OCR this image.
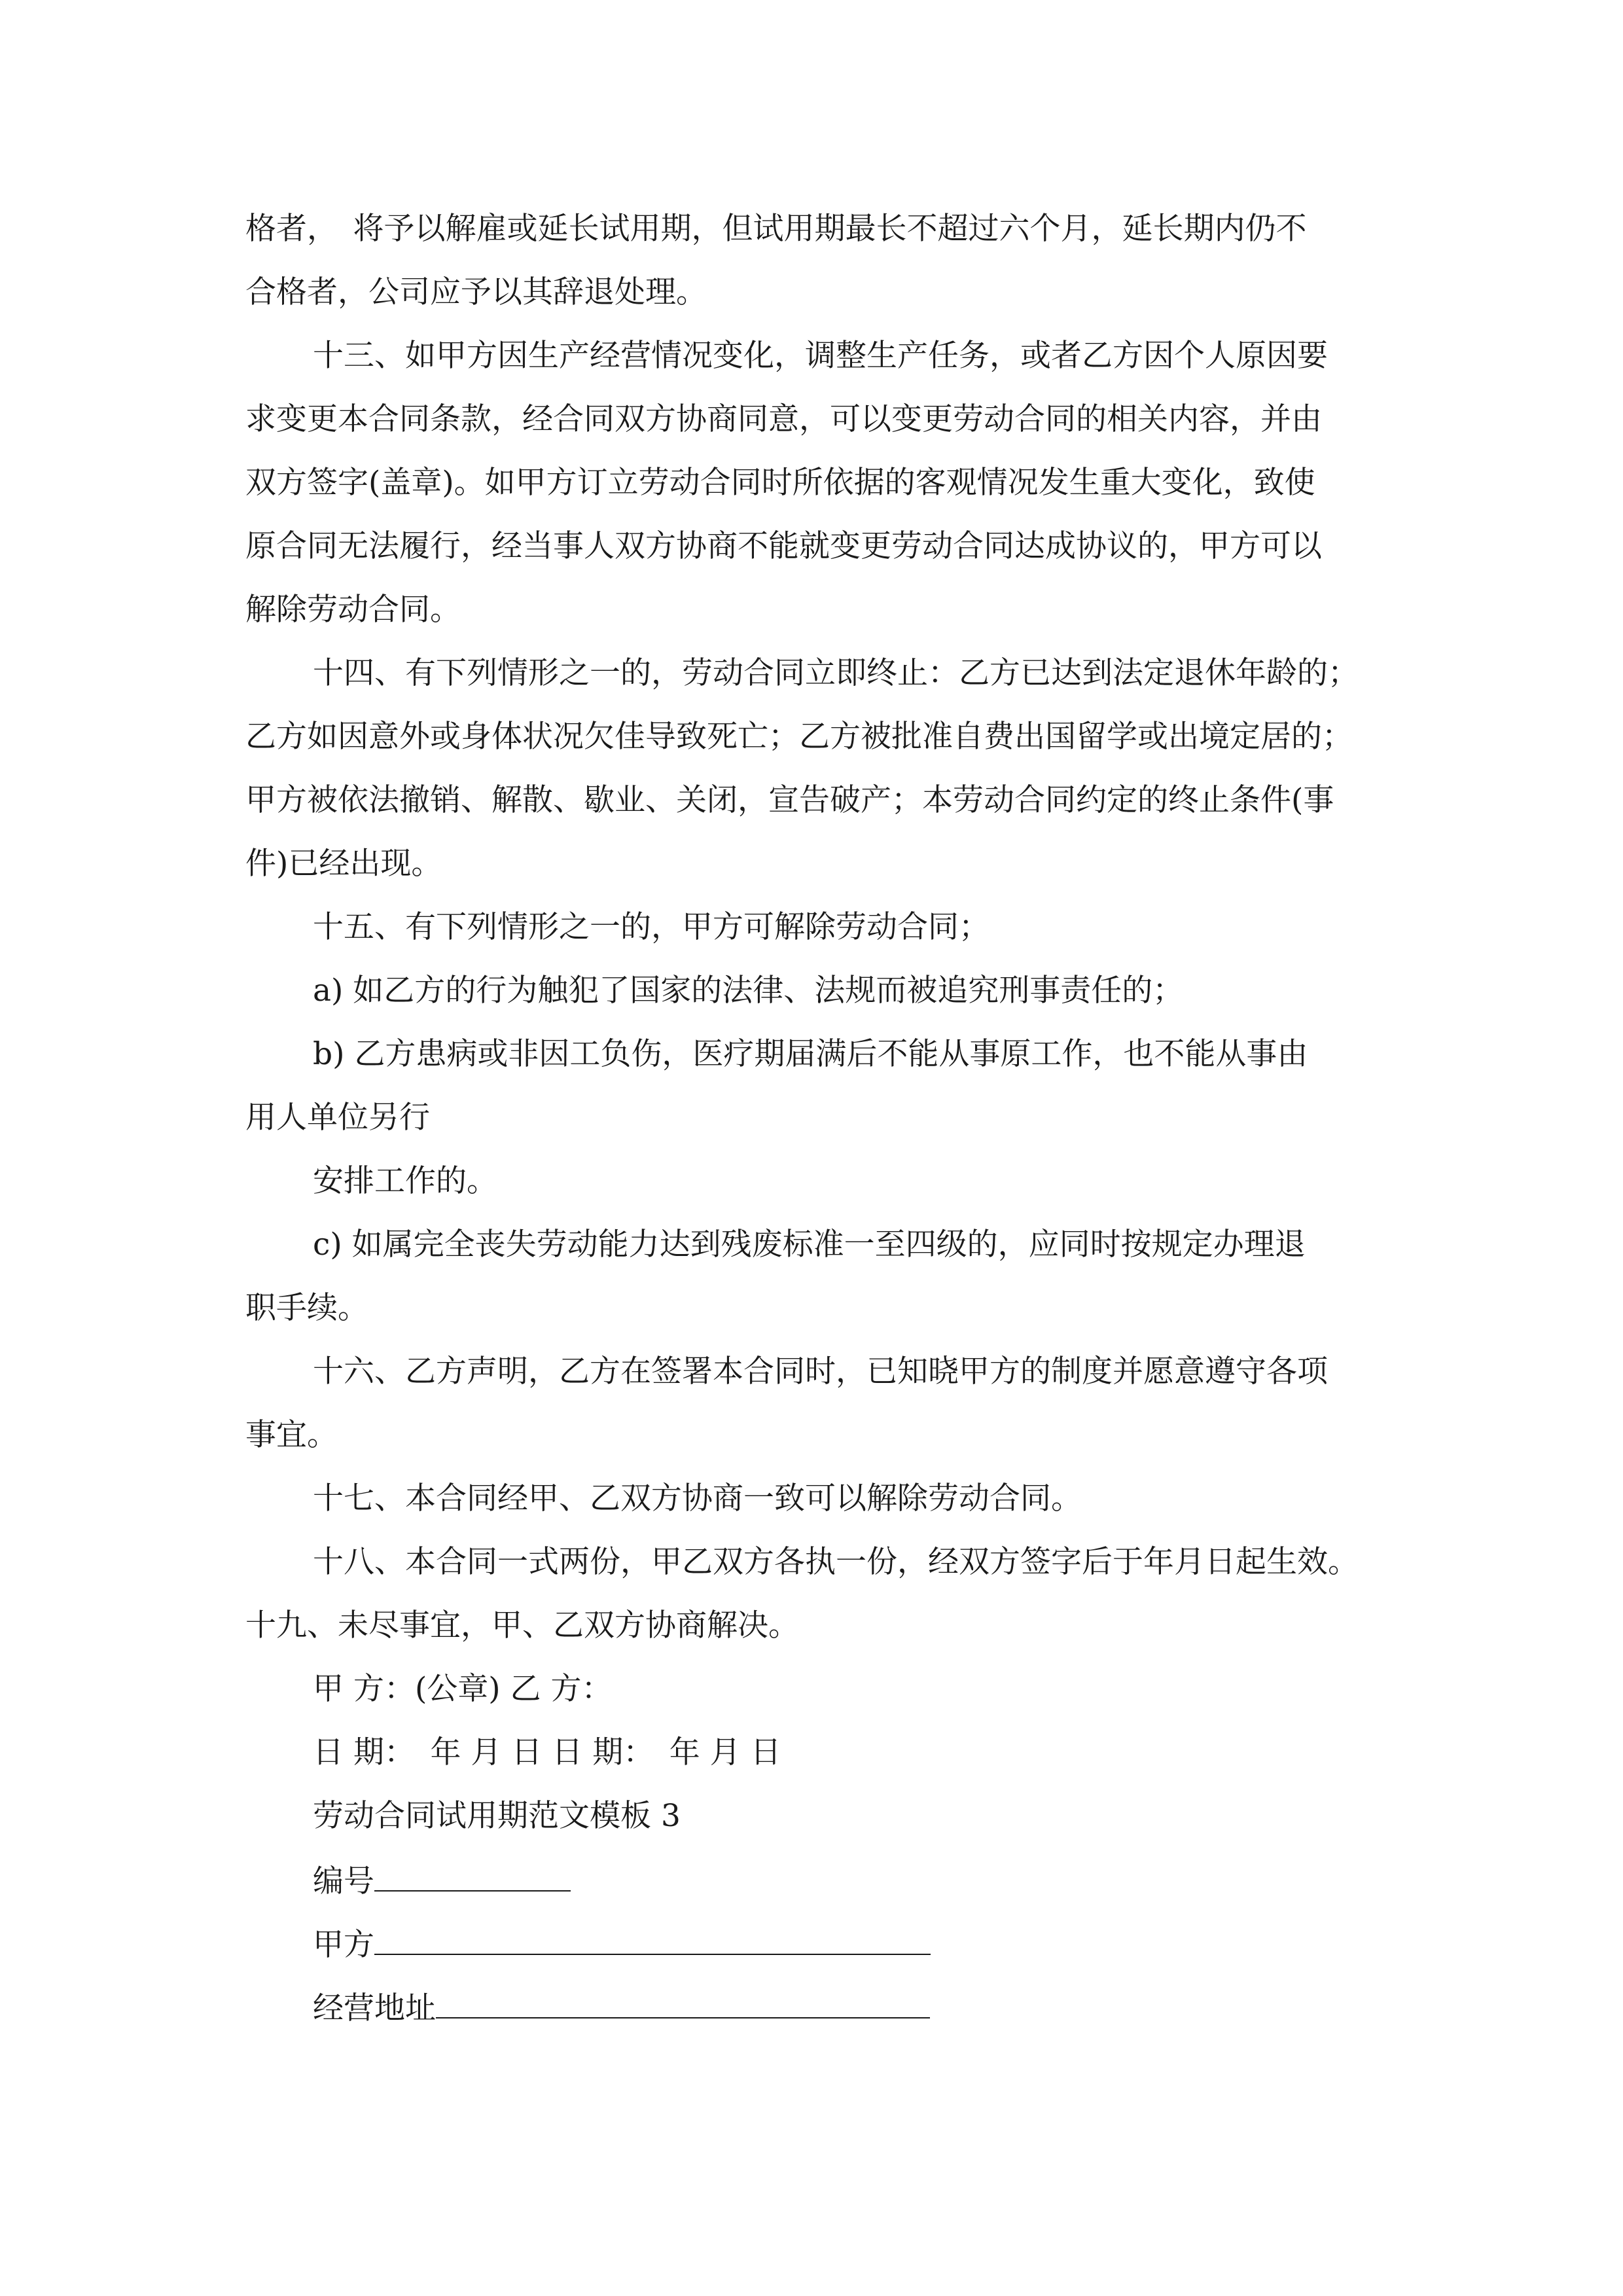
格者，　将予以解雇或延长试用期，但试用期最长不超过六个月，延长期内仍不
合格者，公司应予以其辞退处理。
十三、如甲方因生产经营情况变化，调整生产任务，或者乙方因个人原因要
求变更本合同条款，经合同双方协商同意，可以变更劳动合同的相关内容，并由
双方签字(盖章)。如甲方订立劳动合同时所依据的客观情况发生重大变化，致使
原合同无法履行，经当事人双方协商不能就变更劳动合同达成协议的，甲方可以
解除劳动合同。
十四、有下列情形之一的，劳动合同立即终止：乙方已达到法定退休年龄的；
乙方如因意外或身体状况欠佳导致死亡；乙方被批准自费出国留学或出境定居的；
甲方被依法撤销、解散、歇业、关闭，宣告破产；本劳动合同约定的终止条件(事
件)已经出现。
十五、有下列情形之一的，甲方可解除劳动合同；
a) 如乙方的行为触犯了国家的法律、法规而被追究刑事责任的；
b) 乙方患病或非因工负伤，医疗期届满后不能从事原工作，也不能从事由
用人单位另行
安排工作的。
c) 如属完全丧失劳动能力达到残废标准一至四级的，应同时按规定办理退
职手续。
十六、乙方声明，乙方在签署本合同时，已知晓甲方的制度并愿意遵守各项
事宜。
十七、本合同经甲、乙双方协商一致可以解除劳动合同。
十八、本合同一式两份，甲乙双方各执一份，经双方签字后于年月日起生效。
十九、未尽事宜，甲、乙双方协商解决。
甲 方：(公章) 乙 方：
日 期：　年 月 日 日 期：　年 月 日
劳动合同试用期范文模板 3
编号
甲方
经营地址
